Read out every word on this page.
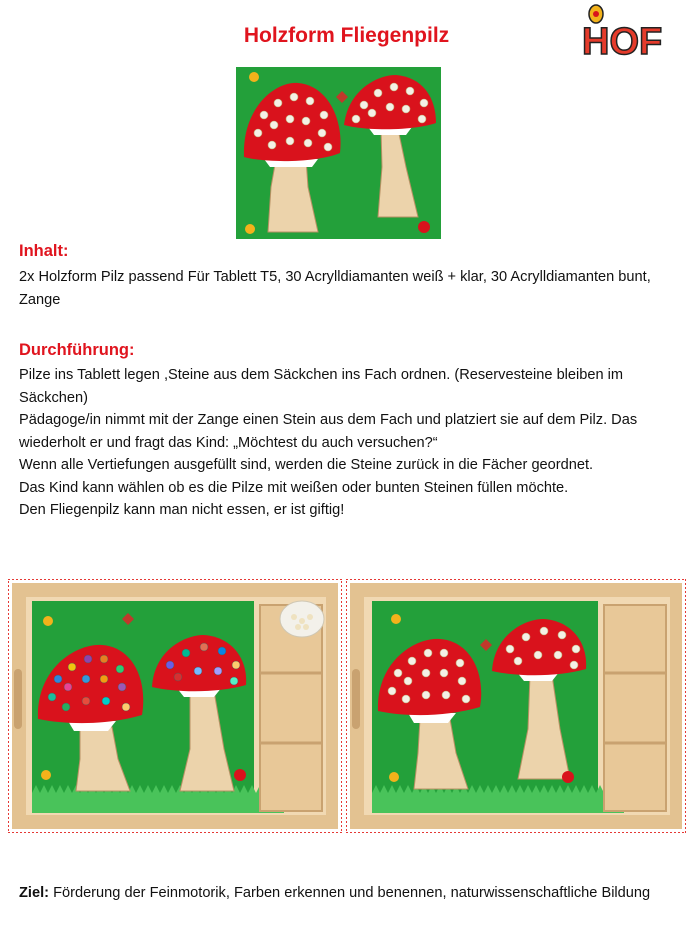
Holzform Fliegenpilz	HOF
Inhalt:
2x Holzform Pilz passend Für Tablett T5, 30 Acrylldiamanten weiß + klar, 30 Acrylldiamanten bunt, Zange
Durchführung:
Pilze ins Tablett legen ,Steine aus dem Säckchen ins Fach ordnen. (Reservesteine bleiben im Säckchen)
Pädagoge/in nimmt mit der Zange einen Stein aus dem Fach und platziert sie auf dem Pilz. Das wiederholt er und fragt das Kind: „Möchtest du auch versuchen?“
Wenn alle Vertiefungen ausgefüllt sind, werden die Steine zurück in die Fächer geordnet.
Das Kind kann wählen ob es die Pilze mit weißen oder bunten Steinen füllen möchte.
Den Fliegenpilz kann man nicht essen, er ist giftig!
Ziel: Förderung der Feinmotorik, Farben erkennen und benennen, naturwissenschaftliche Bildung
